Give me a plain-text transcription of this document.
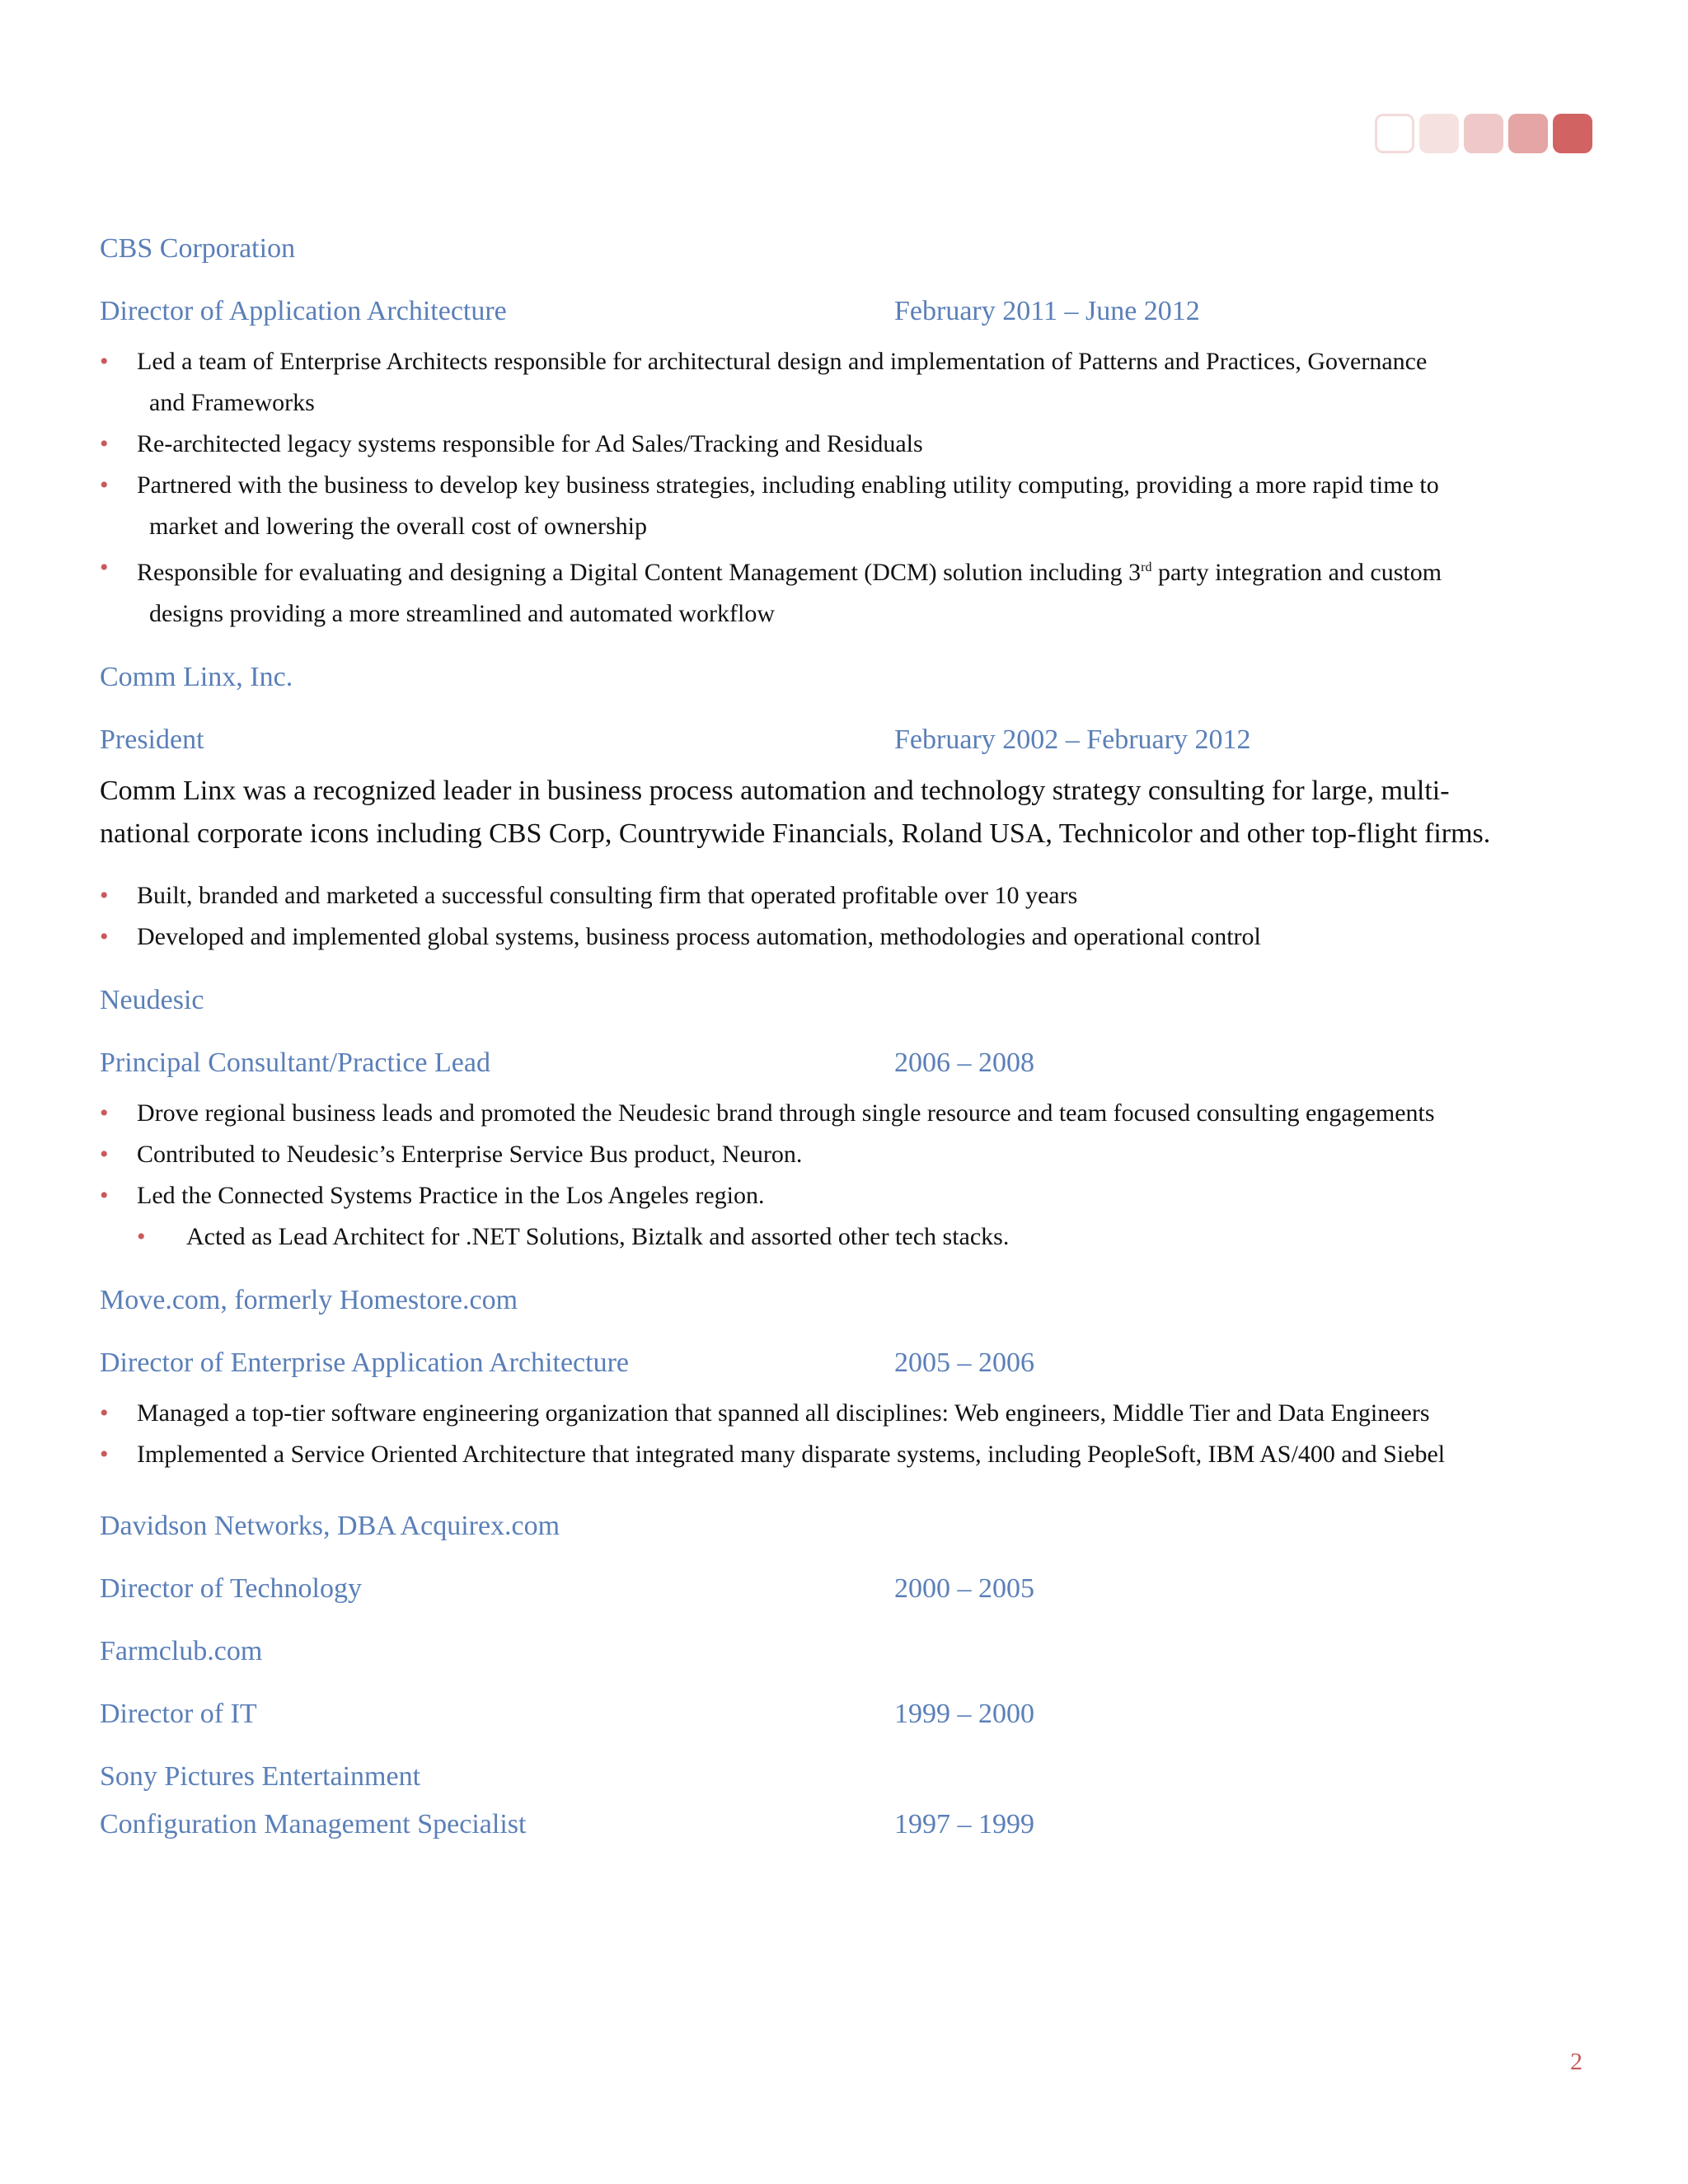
CBS Corporation
Director of Application Architecture	February 2011 – June 2012
• Led a team of Enterprise Architects responsible for architectural design and implementation of Patterns and Practices, Governance
and Frameworks
• Re-architected legacy systems responsible for Ad Sales/Tracking and Residuals
• Partnered with the business to develop key business strategies, including enabling utility computing, providing a more rapid time to
market and lowering the overall cost of ownership
• Responsible for evaluating and designing a Digital Content Management (DCM) solution including 3rd party integration and custom
designs providing a more streamlined and automated workflow
Comm Linx, Inc.
President	February 2002 – February 2012
Comm Linx was a recognized leader in business process automation and technology strategy consulting for large, multi-
national corporate icons including CBS Corp, Countrywide Financials, Roland USA, Technicolor and other top-flight firms.
• Built, branded and marketed a successful consulting firm that operated profitable over 10 years
• Developed and implemented global systems, business process automation, methodologies and operational control
Neudesic
Principal Consultant/Practice Lead	2006 – 2008
• Drove regional business leads and promoted the Neudesic brand through single resource and team focused consulting engagements
• Contributed to Neudesic’s Enterprise Service Bus product, Neuron.
• Led the Connected Systems Practice in the Los Angeles region.
• Acted as Lead Architect for .NET Solutions, Biztalk and assorted other tech stacks.
Move.com, formerly Homestore.com
Director of Enterprise Application Architecture	2005 – 2006
• Managed a top-tier software engineering organization that spanned all disciplines: Web engineers, Middle Tier and Data Engineers
• Implemented a Service Oriented Architecture that integrated many disparate systems, including PeopleSoft, IBM AS/400 and Siebel
Davidson Networks, DBA Acquirex.com
Director of Technology	2000 – 2005
Farmclub.com
Director of IT	1999 – 2000
Sony Pictures Entertainment
Configuration Management Specialist	1997 – 1999
2
